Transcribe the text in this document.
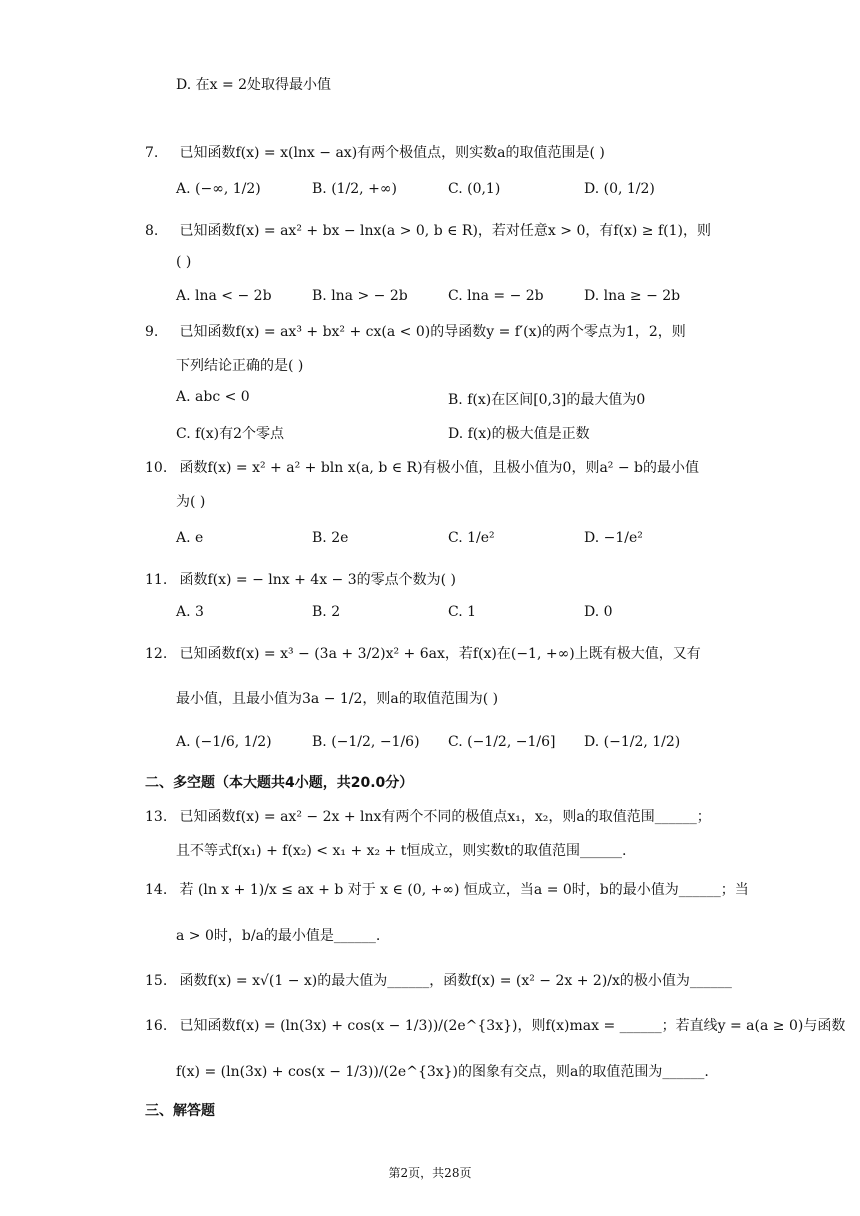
D. 在x = 2处取得最小值
7. 已知函数f(x) = x(lnx − ax)有两个极值点，则实数a的取值范围是( )
A. (−∞, 1/2)	B. (1/2, +∞)	C. (0,1)	D. (0, 1/2)
8. 已知函数f(x) = ax² + bx − lnx(a > 0, b ∈ R)，若对任意x > 0，有f(x) ≥ f(1)，则
( )
A. lna < − 2b	B. lna > − 2b	C. lna = − 2b	D. lna ≥ − 2b
9. 已知函数f(x) = ax³ + bx² + cx(a < 0)的导函数y = f′(x)的两个零点为1，2，则
下列结论正确的是( )
A. abc < 0	B. f(x)在区间[0,3]的最大值为0
C. f(x)有2个零点	D. f(x)的极大值是正数
10. 函数f(x) = x² + a² + bln x(a, b ∈ R)有极小值，且极小值为0，则a² − b的最小值
为( )
A. e	B. 2e	C. 1/e²	D. −1/e²
11. 函数f(x) = − lnx + 4x − 3的零点个数为( )
A. 3	B. 2	C. 1	D. 0
12. 已知函数f(x) = x³ − (3a + 3/2)x² + 6ax，若f(x)在(−1, +∞)上既有极大值，又有
最小值，且最小值为3a − 1/2，则a的取值范围为( )
A. (−1/6, 1/2)	B. (−1/2, −1/6) C. (−1/2, −1/6] D. (−1/2, 1/2)
二、多空题（本大题共4小题，共20.0分）
13. 已知函数f(x) = ax² − 2x + lnx有两个不同的极值点x₁，x₂，则a的取值范围______；
且不等式f(x₁) + f(x₂) < x₁ + x₂ + t恒成立，则实数t的取值范围______.
14. 若 (ln x + 1)/x ≤ ax + b 对于 x ∈ (0, +∞) 恒成立，当a = 0时，b的最小值为______；当
a > 0时，b/a的最小值是______.
15. 函数f(x) = x√(1 − x)的最大值为______，函数f(x) = (x² − 2x + 2)/x的极小值为______
16. 已知函数f(x) = (ln(3x) + cos(x − 1/3))/(2e^{3x})，则f(x)max = ______；若直线y = a(a ≥ 0)与函数
f(x) = (ln(3x) + cos(x − 1/3))/(2e^{3x})的图象有交点，则a的取值范围为______.
三、解答题
第2页，共28页
